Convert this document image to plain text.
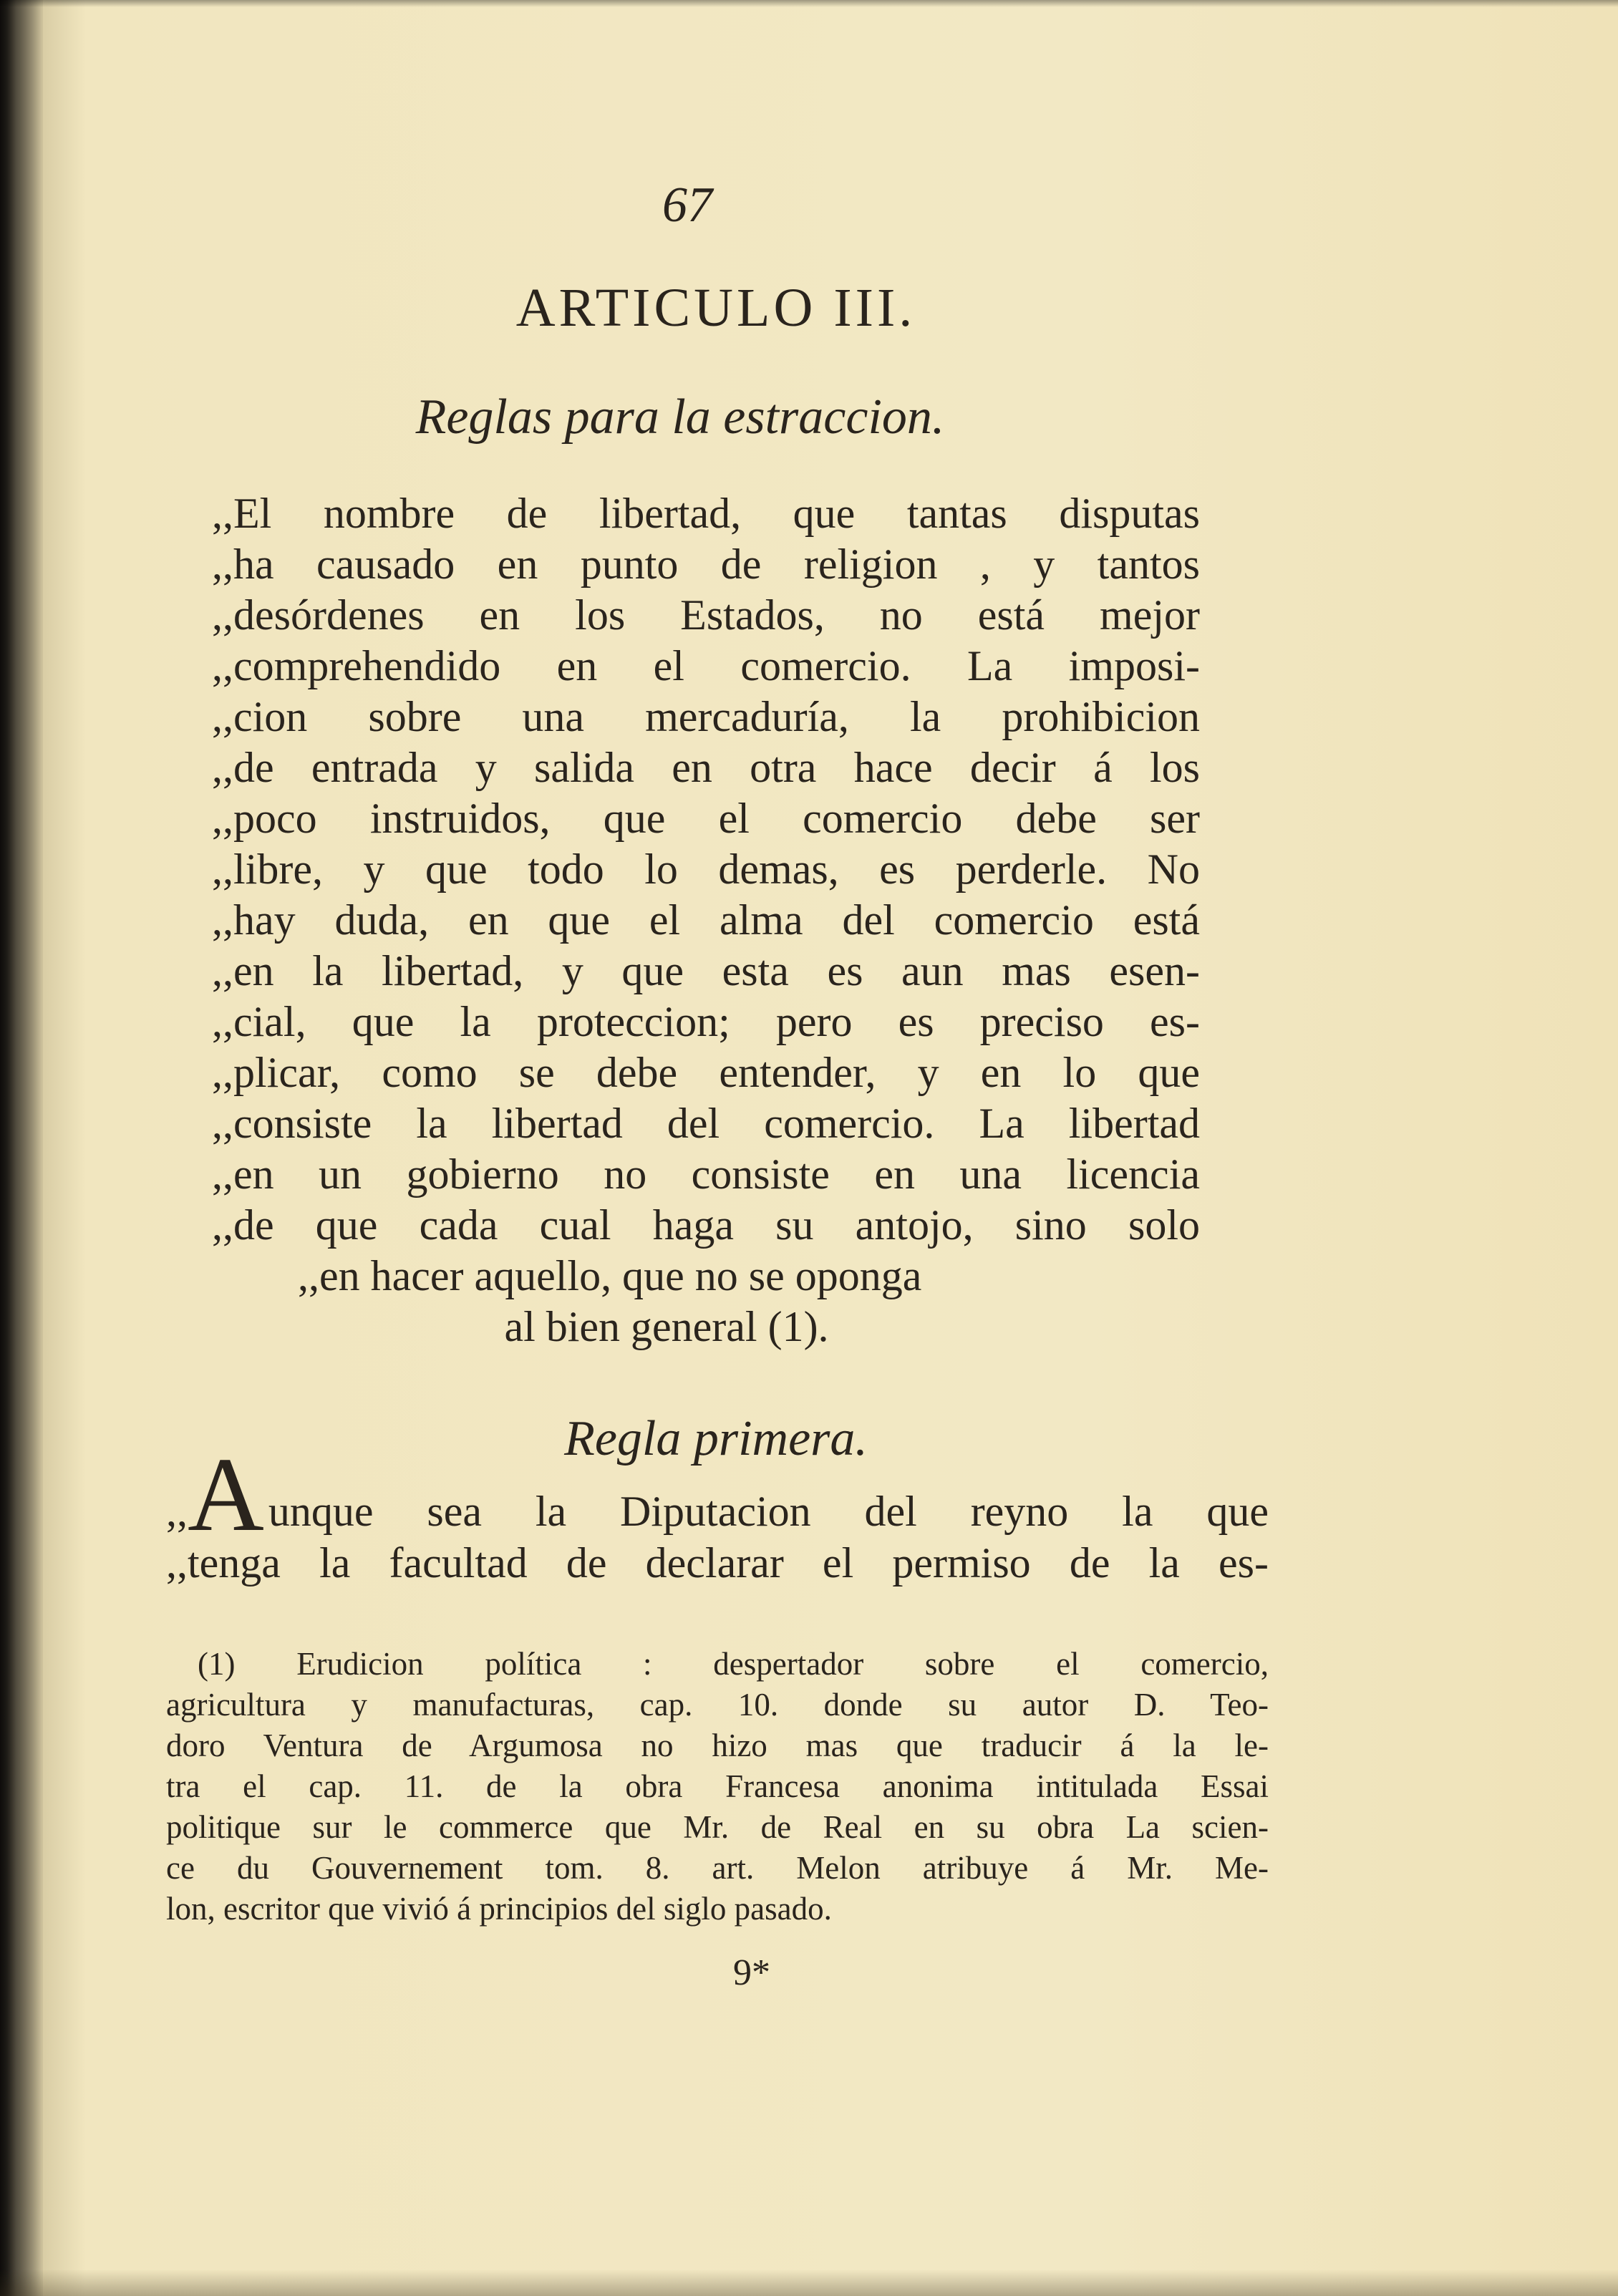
67
ARTICULO III.
Reglas para la estraccion.
,,El nombre de libertad, que tantas disputas
,,ha causado en punto de religion , y tantos
,,desórdenes en los Estados, no está mejor
,,comprehendido en el comercio. La imposi-
,,cion sobre una mercaduría, la prohibicion
,,de entrada y salida en otra hace decir á los
,,poco instruidos, que el comercio debe ser
,,libre, y que todo lo demas, es perderle. No
,,hay duda, en que el alma del comercio está
,,en la libertad, y que esta es aun mas esen-
,,cial, que la proteccion; pero es preciso es-
,,plicar, como se debe entender, y en lo que
,,consiste la libertad del comercio. La libertad
,,en un gobierno no consiste en una licencia
,,de que cada cual haga su antojo, sino solo
,,en hacer aquello, que no se oponga
al bien general (1).
Regla primera.
,,A unque sea la Diputacion del reyno la que
,,tenga la facultad de declarar el permiso de la es-
(1) Erudicion política : despertador sobre el comercio,
agricultura y manufacturas, cap. 10. donde su autor D. Teo-
doro Ventura de Argumosa no hizo mas que traducir á la le-
tra el cap. 11. de la obra Francesa anonima intitulada Essai
politique sur le commerce que Mr. de Real en su obra La scien-
ce du Gouvernement tom. 8. art. Melon atribuye á Mr. Me-
lon, escritor que vivió á principios del siglo pasado.
9*
